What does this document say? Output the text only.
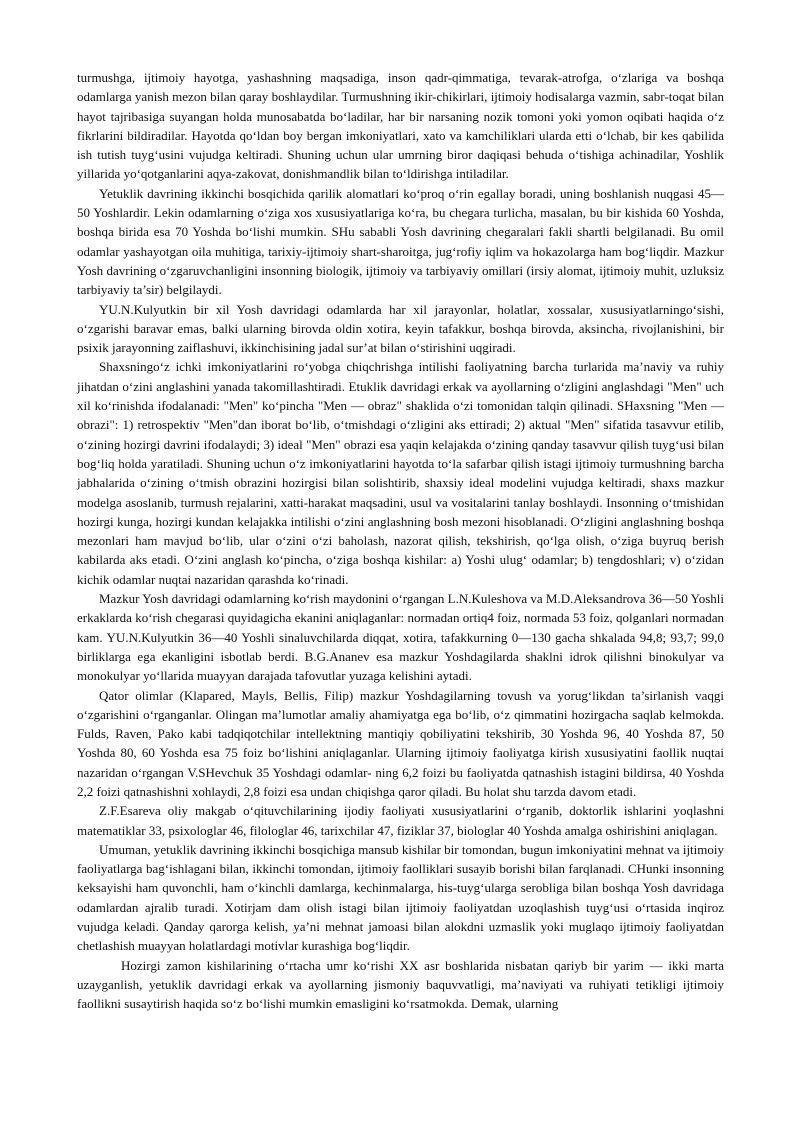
turmushga, ijtimoiy hayotga, yashashning maqsadiga, inson qadr-qimmatiga, tevarak-atrofga, o‘zlariga va boshqa odamlarga yanish mezon bilan qaray boshlaydilar. Turmushning ikir-chikirlari, ijtimoiy hodisalarga vazmin, sabr-toqat bilan hayot tajribasiga suyangan holda munosabatda bo‘ladilar, har bir narsaning nozik tomoni yoki yomon oqibati haqida o‘z fikrlarini bildiradilar. Hayotda qo‘ldan boy bergan imkoniyatlari, xato va kamchiliklari ularda etti o‘lchab, bir kes qabilida ish tutish tuyg‘usini vujudga keltiradi. Shuning uchun ular umrning biror daqiqasi behuda o‘tishiga achinadilar, Yoshlik yillarida yo‘qotganlarini aqya-zakovat, donishmandlik bilan to‘ldirishga intiladilar.

Yetuklik davrining ikkinchi bosqichida qarilik alomatlari ko‘proq o‘rin egallay boradi, uning boshlanish nuqgasi 45—50 Yoshlardir. Lekin odamlarning o‘ziga xos xususiyatlariga ko‘ra, bu chegara turlicha, masalan, bu bir kishida 60 Yoshda, boshqa birida esa 70 Yoshda bo‘lishi mumkin. SHu sababli Yosh davrining chegaralari fakli shartli belgilanadi. Bu omil odamlar yashayotgan oila muhitiga, tarixiy-ijtimoiy shart-sharoitga, jug‘rofiy iqlim va hokazolarga ham bog‘liqdir. Mazkur Yosh davrining o‘zgaruvchanligini insonning biologik, ijtimoiy va tarbiyaviy omillari (irsiy alomat, ijtimoiy muhit, uzluksiz tarbiyaviy ta’sir) belgilaydi.

YU.N.Kulyutkin bir xil Yosh davridagi odamlarda har xil jarayonlar, holatlar, xossalar, xususiyatlarningo‘sishi, o‘zgarishi baravar emas, balki ularning birovda oldin xotira, keyin tafakkur, boshqa birovda, aksincha, rivojlanishini, bir psixik jarayonning zaiflashuvi, ikkinchisining jadal sur’at bilan o‘stirishini uqgiradi.

Shaxsningo‘z ichki imkoniyatlarini ro‘yobga chiqchrishga intilishi faoliyatning barcha turlarida ma’naviy va ruhiy jihatdan o‘zini anglashini yanada takomillashtiradi. Etuklik davridagi erkak va ayollarning o‘zligini anglashdagi "Men" uch xil ko‘rinishda ifodalanadi: "Men" ko‘pincha "Men — obraz" shaklida o‘zi tomonidan talqin qilinadi. SHaxsning "Men — obrazi": 1) retrospektiv "Men"dan iborat bo‘lib, o‘tmishdagi o‘zligini aks ettiradi; 2) aktual "Men" sifatida tasavvur etilib, o‘zining hozirgi davrini ifodalaydi; 3) ideal "Men" obrazi esa yaqin kelajakda o‘zining qanday tasavvur qilish tuyg‘usi bilan bog‘liq holda yaratiladi. Shuning uchun o‘z imkoniyatlarini hayotda to‘la safarbar qilish istagi ijtimoiy turmushning barcha jabhalarida o‘zining o‘tmish obrazini hozirgisi bilan solishtirib, shaxsiy ideal modelini vujudga keltiradi, shaxs mazkur modelga asoslanib, turmush rejalarini, xatti-harakat maqsadini, usul va vositalarini tanlay boshlaydi. Insonning o‘tmishidan hozirgi kunga, hozirgi kundan kelajakka intilishi o‘zini anglashning bosh mezoni hisoblanadi. O‘zligini anglashning boshqa mezonlari ham mavjud bo‘lib, ular o‘zini o‘zi baholash, nazorat qilish, tekshirish, qo‘lga olish, o‘ziga buyruq berish kabilarda aks etadi. O‘zini anglash ko‘pincha, o‘ziga boshqa kishilar: a) Yoshi ulug‘ odamlar; b) tengdoshlari; v) o‘zidan kichik odamlar nuqtai nazaridan qarashda ko‘rinadi.

Mazkur Yosh davridagi odamlarning ko‘rish maydonini o‘rgangan L.N.Kuleshova va M.D.Aleksandrova 36—50 Yoshli erkaklarda ko‘rish chegarasi quyidagicha ekanini aniqlaganlar: normadan ortiq4 foiz, normada 53 foiz, qolganlari normadan kam. YU.N.Kulyutkin 36—40 Yoshli sinaluvchilarda diqqat, xotira, tafakkurning 0—130 gacha shkalada 94,8; 93,7; 99,0 birliklarga ega ekanligini isbotlab berdi. B.G.Ananev esa mazkur Yoshdagilarda shaklni idrok qilishni binokulyar va monokulyar yo‘llarida muayyan darajada tafovutlar yuzaga kelishini aytadi.

Qator olimlar (Klapared, Mayls, Bellis, Filip) mazkur Yoshdagilarning tovush va yorug‘likdan ta’sirlanish vaqgi o‘zgarishini o‘rganganlar. Olingan ma’lumotlar amaliy ahamiyatga ega bo‘lib, o‘z qimmatini hozirgacha saqlab kelmokda. Fulds, Raven, Pako kabi tadqiqotchilar intellektning mantiqiy qobiliyatini tekshirib, 30 Yoshda 96, 40 Yoshda 87, 50 Yoshda 80, 60 Yoshda esa 75 foiz bo‘lishini aniqlaganlar. Ularning ijtimoiy faoliyatga kirish xususiyatini faollik nuqtai nazaridan o‘rgangan V.SHevchuk 35 Yoshdagi odamlar- ning 6,2 foizi bu faoliyatda qatnashish istagini bildirsa, 40 Yoshda 2,2 foizi qatnashishni xohlaydi, 2,8 foizi esa undan chiqishga qaror qiladi. Bu holat shu tarzda davom etadi.

Z.F.Esareva oliy makgab o‘qituvchilarining ijodiy faoliyati xususiyatlarini o‘rganib, doktorlik ishlarini yoqlashni matematiklar 33, psixologlar 46, filologlar 46, tarixchilar 47, fiziklar 37, biologlar 40 Yoshda amalga oshirishini aniqlagan.

Umuman, yetuklik davrining ikkinchi bosqichiga mansub kishilar bir tomondan, bugun imkoniyatini mehnat va ijtimoiy faoliyatlarga bag‘ishlagani bilan, ikkinchi tomondan, ijtimoiy faolliklari susayib borishi bilan farqlanadi. CHunki insonning keksayishi ham quvonchli, ham o‘kinchli damlarga, kechinmalarga, his-tuyg‘ularga serobliga bilan boshqa Yosh davridaga odamlardan ajralib turadi. Xotirjam dam olish istagi bilan ijtimoiy faoliyatdan uzoqlashish tuyg‘usi o‘rtasida inqiroz vujudga keladi. Qanday qarorga kelish, ya’ni mehnat jamoasi bilan alokdni uzmaslik yoki muglaqo ijtimoiy faoliyatdan chetlashish muayyan holatlardagi motivlar kurashiga bog‘liqdir.

Hozirgi zamon kishilarining o‘rtacha umr ko‘rishi XX asr boshlarida nisbatan qariyb bir yarim — ikki marta uzayganlish, yetuklik davridagi erkak va ayollarning jismoniy baquvvatligi, ma’naviyati va ruhiyati tetikligi ijtimoiy faollikni susaytirish haqida so‘z bo‘lishi mumkin emasligini ko‘rsatmokda. Demak, ularning
